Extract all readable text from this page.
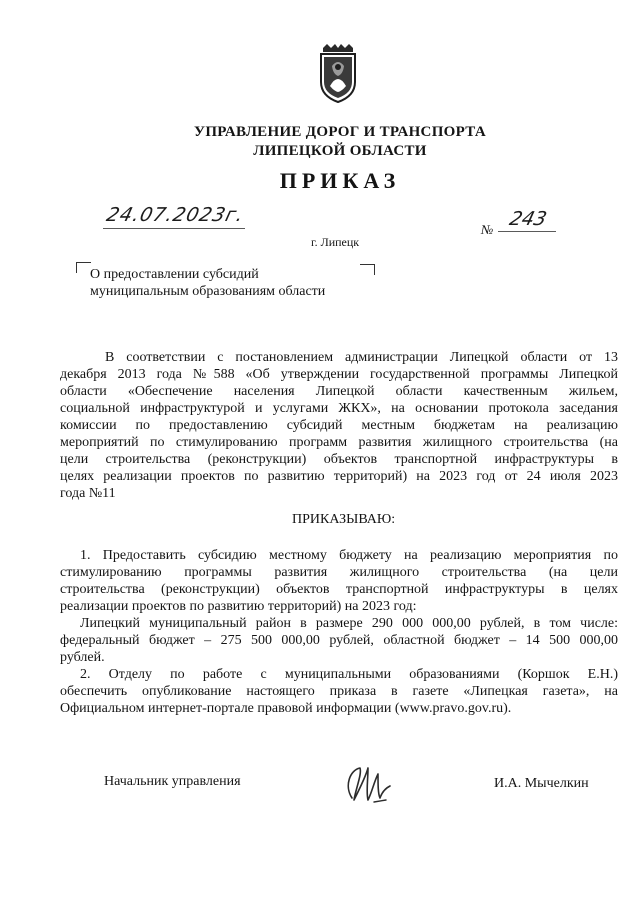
УПРАВЛЕНИЕ ДОРОГ И ТРАНСПОРТА
ЛИПЕЦКОЙ ОБЛАСТИ
ПРИКАЗ
24.07.2023г.
№ 243
г. Липецк
О предоставлении субсидий
муниципальным образованиям области
В соответствии с постановлением администрации Липецкой области от 13
декабря 2013 года №588 «Об утверждении государственной программы Липецкой
области «Обеспечение населения Липецкой области качественным жильем,
социальной инфраструктурой и услугами ЖКХ», на основании протокола заседания
комиссии по предоставлению субсидий местным бюджетам на реализацию
мероприятий по стимулированию программ развития жилищного строительства (на
цели строительства (реконструкции) объектов транспортной инфраструктуры в
целях реализации проектов по развитию территорий) на 2023 год от 24 июля 2023
года №11
ПРИКАЗЫВАЮ:
1. Предоставить субсидию местному бюджету на реализацию мероприятия по
стимулированию программы развития жилищного строительства (на цели
строительства (реконструкции) объектов транспортной инфраструктуры в целях
реализации проектов по развитию территорий) на 2023 год:
Липецкий муниципальный район в размере 290 000 000,00 рублей, в том числе:
федеральный бюджет – 275 500 000,00 рублей, областной бюджет – 14 500 000,00
рублей.
2. Отделу по работе с муниципальными образованиями (Коршок Е.Н.)
обеспечить опубликование настоящего приказа в газете «Липецкая газета», на
Официальном интернет-портале правовой информации (www.pravo.gov.ru).
Начальник управления	И.А. Мычелкин
